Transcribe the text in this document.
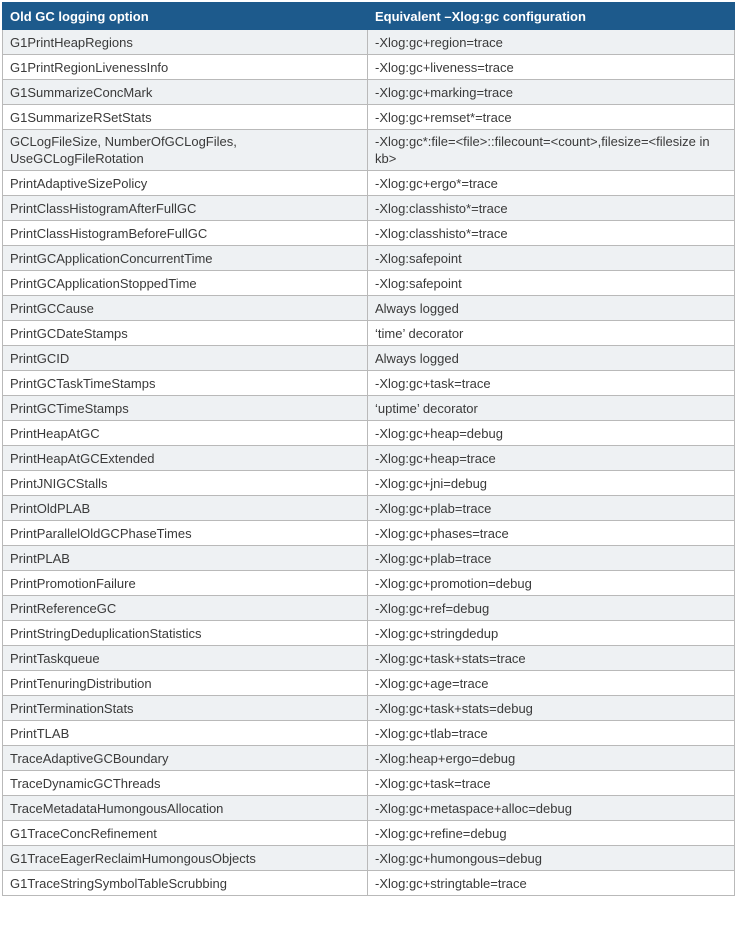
Old GC logging option	Equivalent –Xlog:gc configuration
G1PrintHeapRegions	-Xlog:gc+region=trace
G1PrintRegionLivenessInfo	-Xlog:gc+liveness=trace
G1SummarizeConcMark	-Xlog:gc+marking=trace
G1SummarizeRSetStats	-Xlog:gc+remset*=trace
GCLogFileSize, NumberOfGCLogFiles, UseGCLogFileRotation	-Xlog:gc*:file=<file>::filecount=<count>,filesize=<filesize in kb>
PrintAdaptiveSizePolicy	-Xlog:gc+ergo*=trace
PrintClassHistogramAfterFullGC	-Xlog:classhisto*=trace
PrintClassHistogramBeforeFullGC	-Xlog:classhisto*=trace
PrintGCApplicationConcurrentTime	-Xlog:safepoint
PrintGCApplicationStoppedTime	-Xlog:safepoint
PrintGCCause	Always logged
PrintGCDateStamps	‘time’ decorator
PrintGCID	Always logged
PrintGCTaskTimeStamps	-Xlog:gc+task=trace
PrintGCTimeStamps	‘uptime’ decorator
PrintHeapAtGC	-Xlog:gc+heap=debug
PrintHeapAtGCExtended	-Xlog:gc+heap=trace
PrintJNIGCStalls	-Xlog:gc+jni=debug
PrintOldPLAB	-Xlog:gc+plab=trace
PrintParallelOldGCPhaseTimes	-Xlog:gc+phases=trace
PrintPLAB	-Xlog:gc+plab=trace
PrintPromotionFailure	-Xlog:gc+promotion=debug
PrintReferenceGC	-Xlog:gc+ref=debug
PrintStringDeduplicationStatistics	-Xlog:gc+stringdedup
PrintTaskqueue	-Xlog:gc+task+stats=trace
PrintTenuringDistribution	-Xlog:gc+age=trace
PrintTerminationStats	-Xlog:gc+task+stats=debug
PrintTLAB	-Xlog:gc+tlab=trace
TraceAdaptiveGCBoundary	-Xlog:heap+ergo=debug
TraceDynamicGCThreads	-Xlog:gc+task=trace
TraceMetadataHumongousAllocation	-Xlog:gc+metaspace+alloc=debug
G1TraceConcRefinement	-Xlog:gc+refine=debug
G1TraceEagerReclaimHumongousObjects	-Xlog:gc+humongous=debug
G1TraceStringSymbolTableScrubbing	-Xlog:gc+stringtable=trace
